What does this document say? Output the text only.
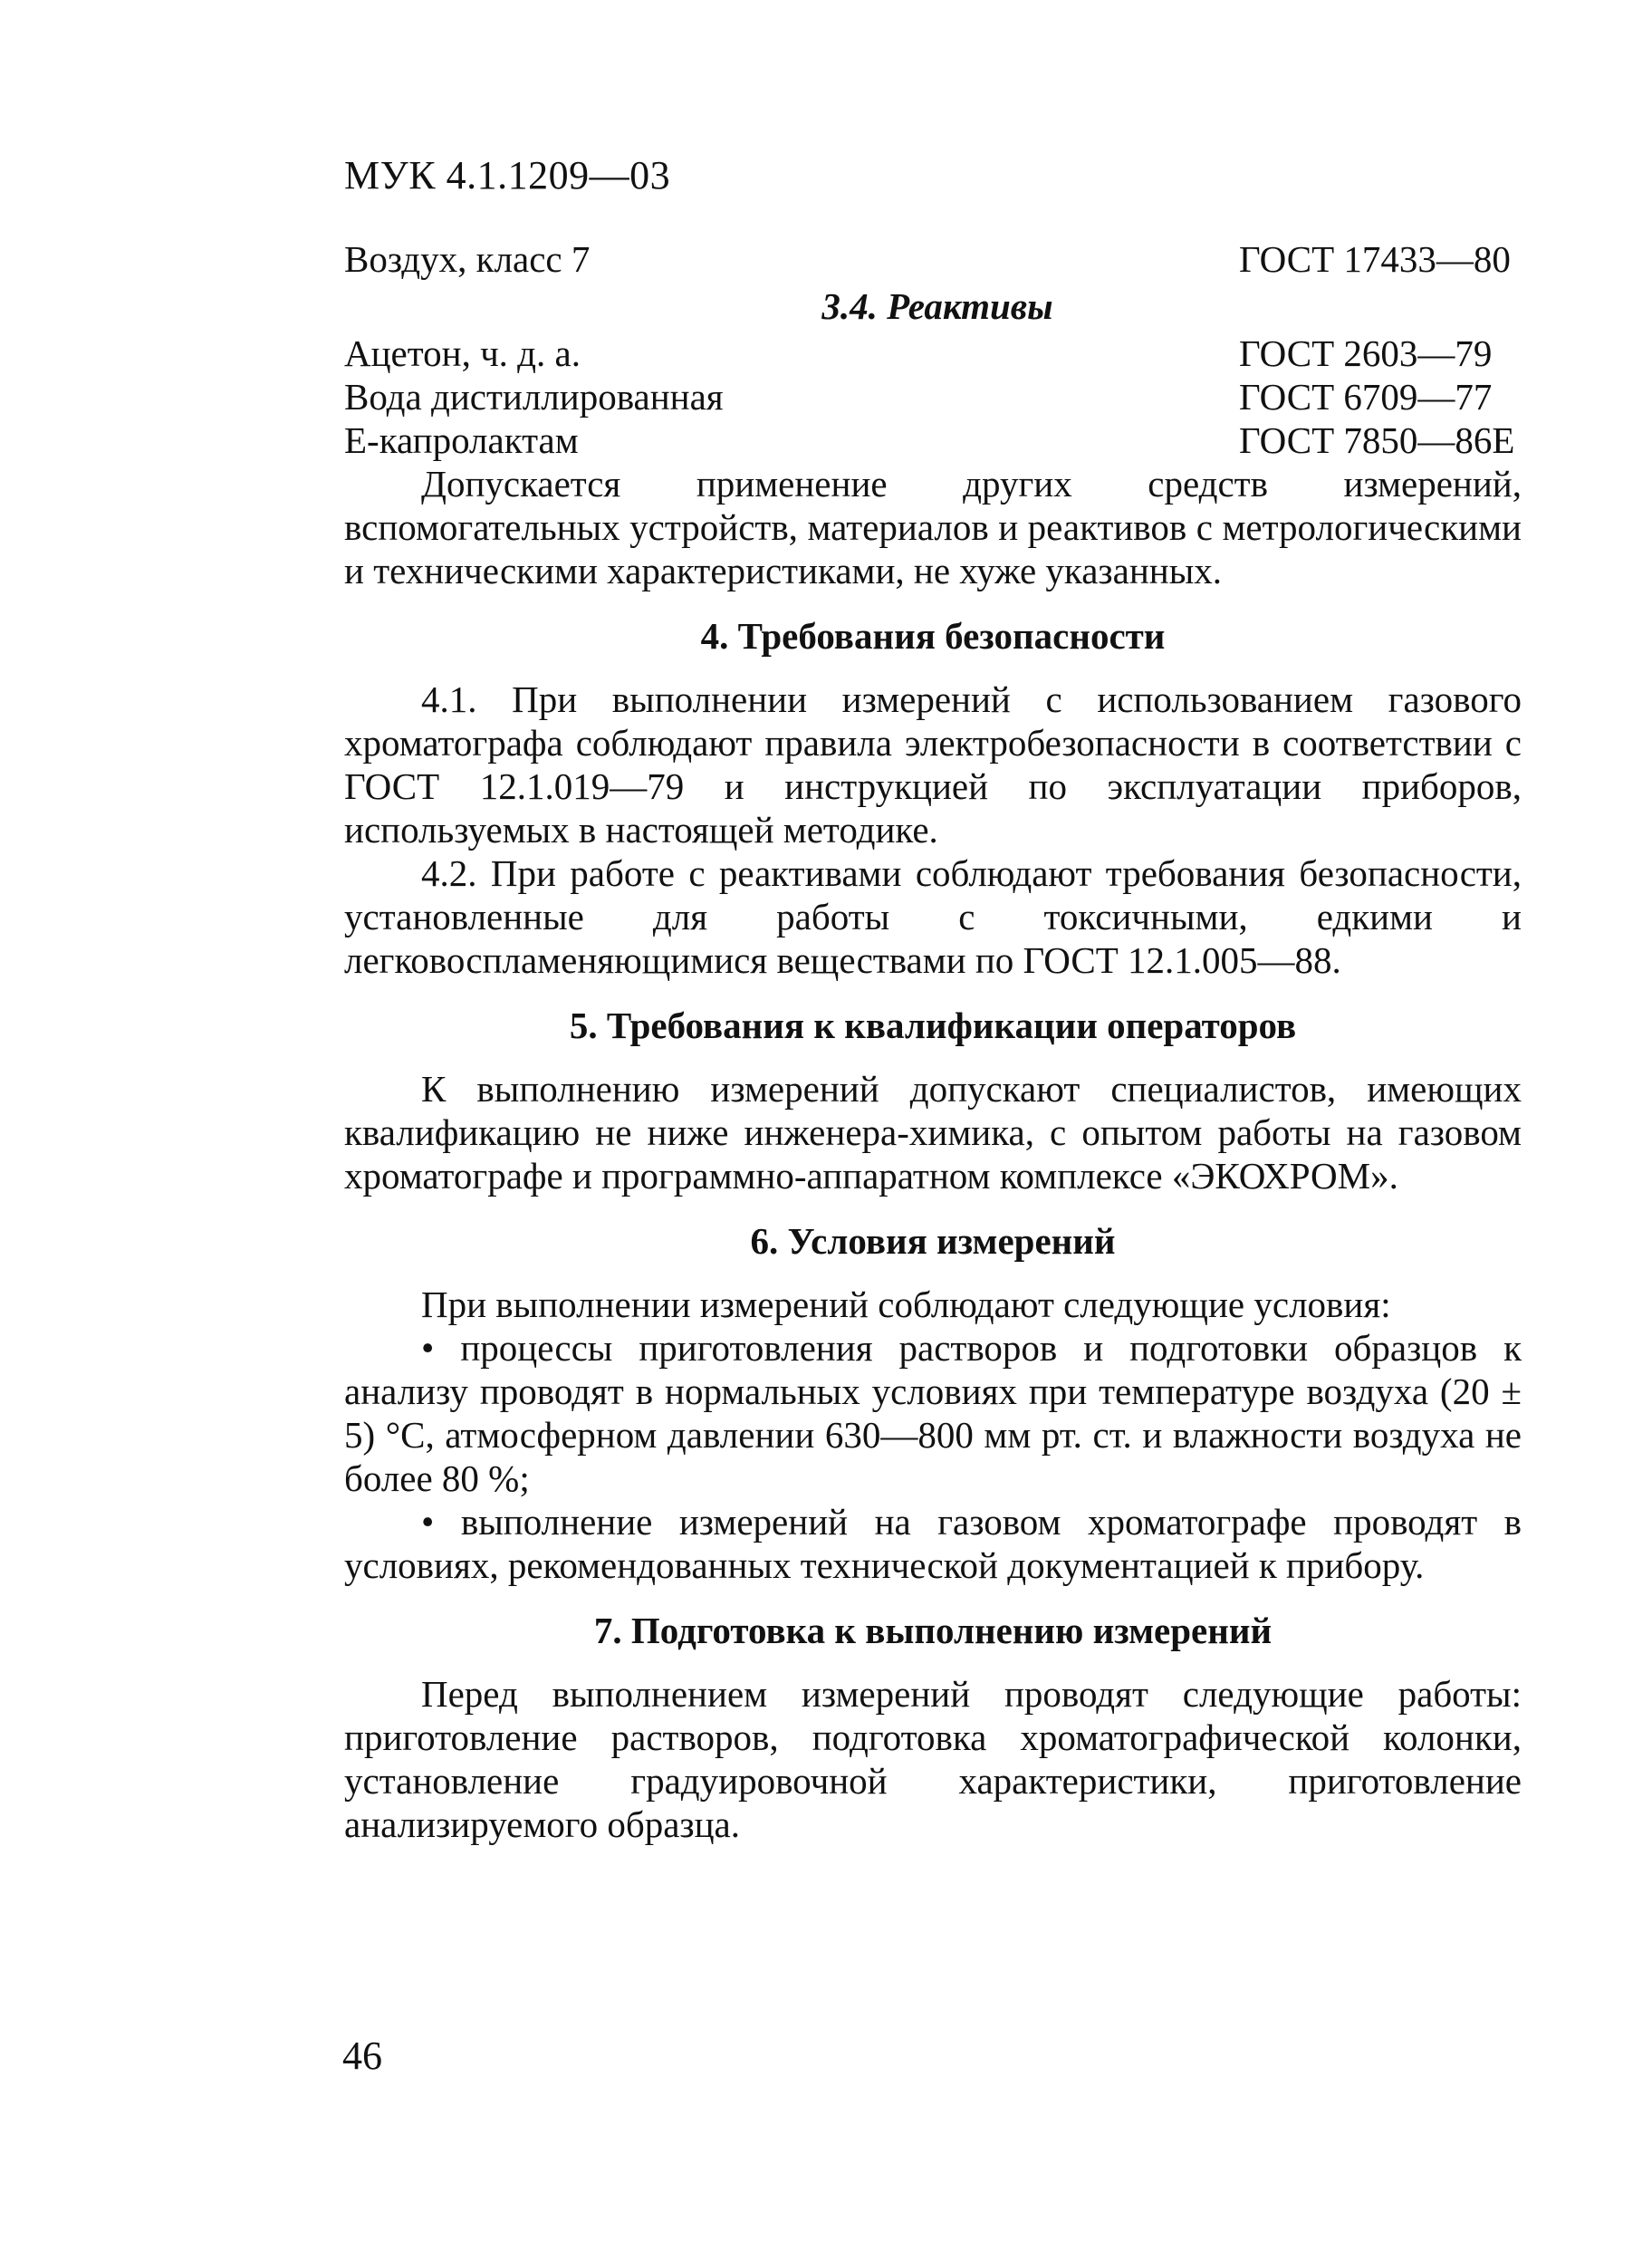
МУК 4.1.1209—03
Воздух, класс 7	ГОСТ 17433—80
3.4. Реактивы
Ацетон, ч. д. а.	ГОСТ 2603—79
Вода дистиллированная	ГОСТ 6709—77
Е-капролактам	ГОСТ 7850—86Е

Допускается применение других средств измерений, вспомогательных устройств, материалов и реактивов с метрологическими и техническими характеристиками, не хуже указанных.

4. Требования безопасности

4.1. При выполнении измерений с использованием газового хроматографа соблюдают правила электробезопасности в соответствии с ГОСТ 12.1.019—79 и инструкцией по эксплуатации приборов, используемых в настоящей методике.

4.2. При работе с реактивами соблюдают требования безопасности, установленные для работы с токсичными, едкими и легковоспламеняющимися веществами по ГОСТ 12.1.005—88.

5. Требования к квалификации операторов

К выполнению измерений допускают специалистов, имеющих квалификацию не ниже инженера-химика, с опытом работы на газовом хроматографе и программно-аппаратном комплексе «ЭКОХРОМ».

6. Условия измерений

При выполнении измерений соблюдают следующие условия:

• процессы приготовления растворов и подготовки образцов к анализу проводят в нормальных условиях при температуре воздуха (20 ± 5) °С, атмосферном давлении 630—800 мм рт. ст. и влажности воздуха не более 80 %;

• выполнение измерений на газовом хроматографе проводят в условиях, рекомендованных технической документацией к прибору.

7. Подготовка к выполнению измерений

Перед выполнением измерений проводят следующие работы: приготовление растворов, подготовка хроматографической колонки, установление градуировочной характеристики, приготовление анализируемого образца.

46
